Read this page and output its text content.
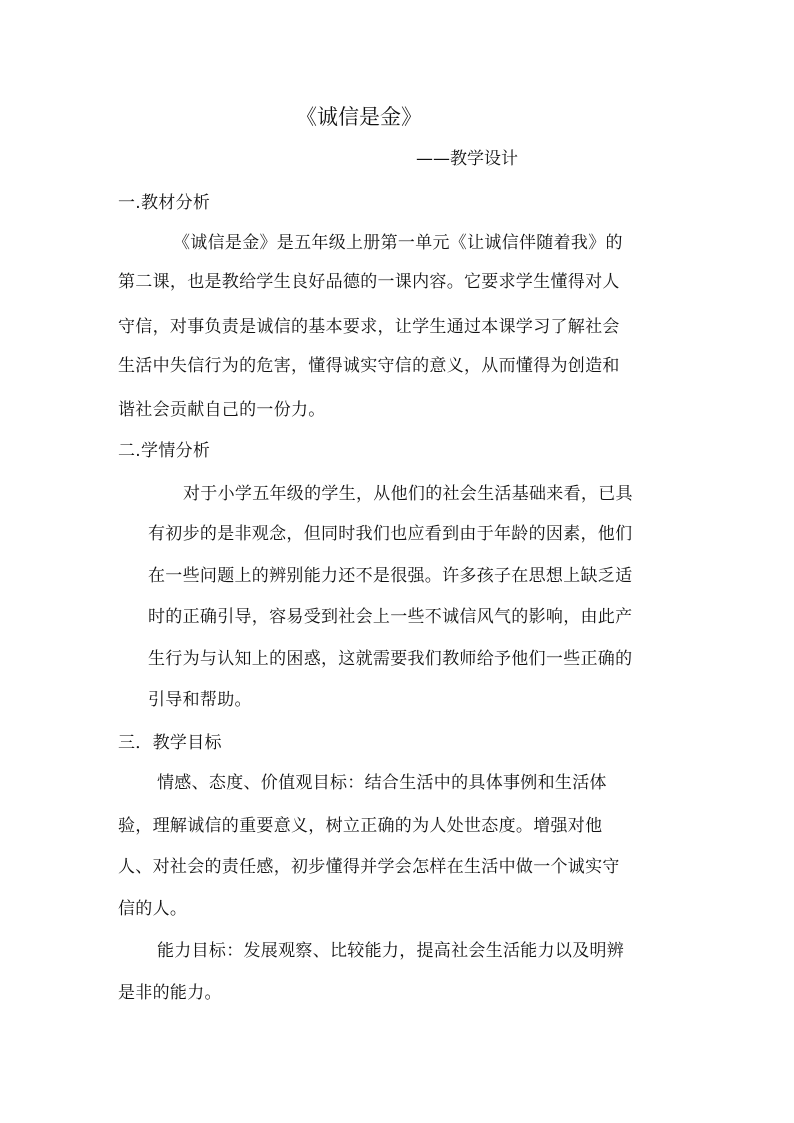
《诚信是金》
——教学设计
一.教材分析
《诚信是金》是五年级上册第一单元《让诚信伴随着我》的
第二课，也是教给学生良好品德的一课内容。它要求学生懂得对人
守信，对事负责是诚信的基本要求，让学生通过本课学习了解社会
生活中失信行为的危害，懂得诚实守信的意义，从而懂得为创造和
谐社会贡献自己的一份力。
二.学情分析
对于小学五年级的学生，从他们的社会生活基础来看，已具
有初步的是非观念，但同时我们也应看到由于年龄的因素，他们
在一些问题上的辨别能力还不是很强。许多孩子在思想上缺乏适
时的正确引导，容易受到社会上一些不诚信风气的影响，由此产
生行为与认知上的困惑，这就需要我们教师给予他们一些正确的
引导和帮助。
三．教学目标
情感、态度、价值观目标：结合生活中的具体事例和生活体
验，理解诚信的重要意义，树立正确的为人处世态度。增强对他
人、对社会的责任感，初步懂得并学会怎样在生活中做一个诚实守
信的人。
能力目标：发展观察、比较能力，提高社会生活能力以及明辨
是非的能力。
